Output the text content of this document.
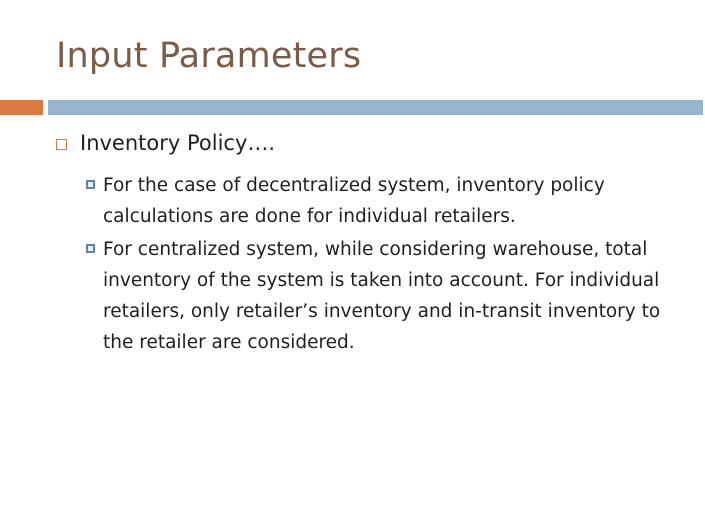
Input Parameters
Inventory Policy….
For the case of decentralized system, inventory policy calculations are done for individual retailers.
For centralized system, while considering warehouse, total inventory of the system is taken into account. For individual retailers, only retailer’s inventory and in-transit inventory to the retailer are considered.
